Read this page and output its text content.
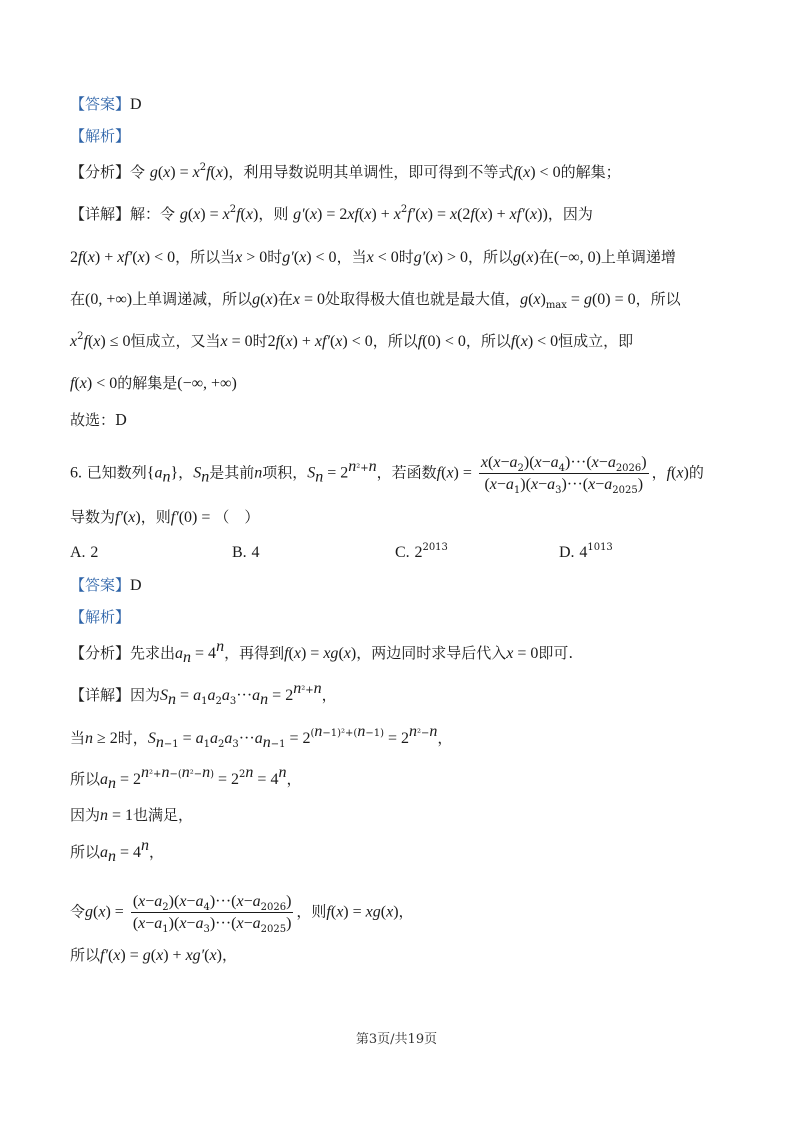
【答案】D
【解析】
【分析】令 $g(x) = x^2f(x)$，利用导数说明其单调性，即可得到不等式f(x) < 0的解集；
【详解】解：令 $g(x) = x^2f(x)$，则 $g'(x) = 2xf(x) + x^2f'(x) = x(2f(x) + xf'(x))$，因为
2f(x) + xf′(x) < 0，所以当x > 0时g′(x) < 0，当x < 0时g′(x) > 0，所以g(x)在(−∞, 0)上单调递增
在(0, +∞)上单调递减，所以g(x)在x = 0处取得极大值也就是最大值，$g(x)_{max} = g(0) = 0$，所以
$x^2f(x) \le 0$恒成立，又当x = 0时2f(x) + xf′(x) < 0，所以f(0) < 0，所以f(x) < 0恒成立，即
f(x) < 0的解集是(−∞, +∞)
故选：D
6. 已知数列$\{a_n\}$，$S_n$是其前n项积，$S_n = 2^{n^2+n}$，若函数$f(x) = \frac{x(x-a_2)(x-a_4)\cdot\cdot\cdot(x-a_{2026})}{(x-a_1)(x-a_3)\cdot\cdot\cdot(x-a_{2025})}$ ，f(x)的
导数为f′(x)，则f′(0) = （　）
A. 2	B. 4	C. $2^{2013}$	D. $4^{1013}$
【答案】D
【解析】
【分析】先求出$a_n = 4^n$，再得到f(x) = xg(x)，两边同时求导后代入x = 0即可.
【详解】因为$S_n = a_1a_2a_3\cdot\cdot\cdot a_n = 2^{n^2+n}$，
当n ≥ 2时，$S_{n-1} = a_1a_2a_3\cdot\cdot\cdot a_{n-1} = 2^{(n-1)^2+(n-1)} = 2^{n^2-n}$，
所以$a_n = 2^{n^2+n-(n^2-n)} = 2^{2n} = 4^n$，
因为n = 1也满足，
所以$a_n = 4^n$，
令$g(x) = \frac{(x-a_2)(x-a_4)\cdot\cdot\cdot(x-a_{2026})}{(x-a_1)(x-a_3)\cdot\cdot\cdot(x-a_{2025})}$ ，则f(x) = xg(x)，
所以f′(x) = g(x) + xg′(x)，
第3页/共19页
